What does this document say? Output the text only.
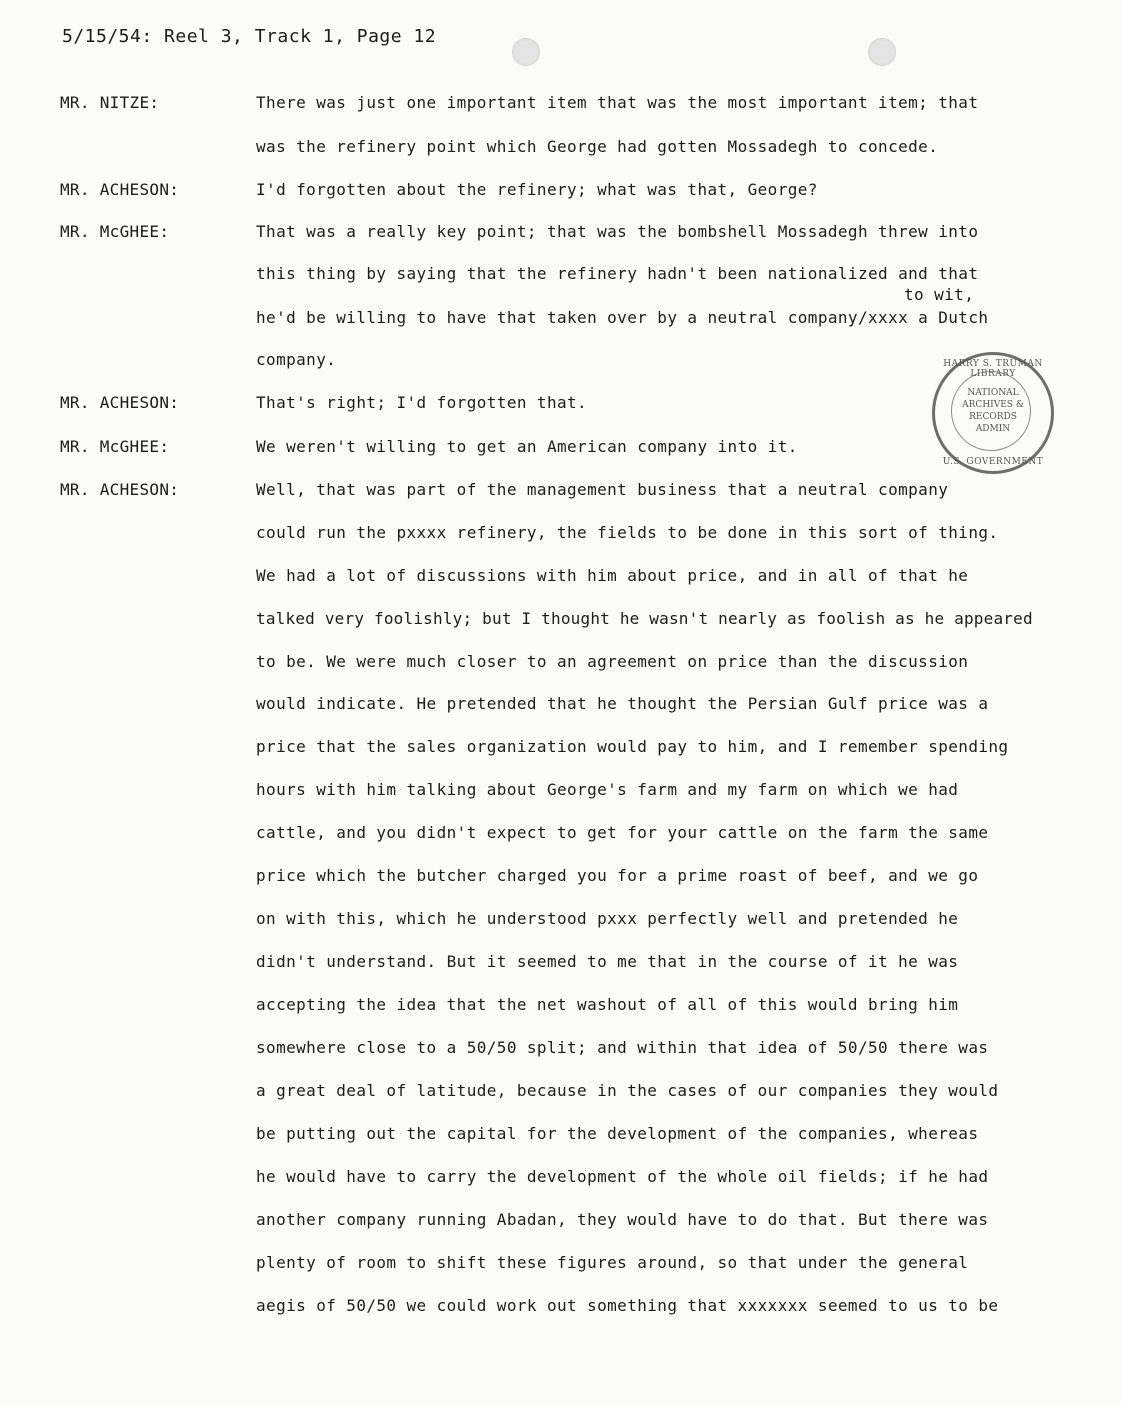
5/15/54: Reel 3, Track 1, Page 12
MR. NITZE:	There was just one important item that was the most important item; that
was the refinery point which George had gotten Mossadegh to concede.
MR. ACHESON:	I'd forgotten about the refinery; what was that, George?
MR. McGHEE:	That was a really key point; that was the bombshell Mossadegh threw into
this thing by saying that the refinery hadn't been nationalized and that
to wit,
he'd be willing to have that taken over by a neutral company/xxxx a Dutch
company.
MR. ACHESON:	That's right; I'd forgotten that.
MR. McGHEE:	We weren't willing to get an American company into it.
MR. ACHESON:	Well, that was part of the management business that a neutral company
could run the pxxxx refinery, the fields to be done in this sort of thing.
We had a lot of discussions with him about price, and in all of that he
talked very foolishly; but I thought he wasn't nearly as foolish as he appeared
to be. We were much closer to an agreement on price than the discussion
would indicate. He pretended that he thought the Persian Gulf price was a
price that the sales organization would pay to him, and I remember spending
hours with him talking about George's farm and my farm on which we had
cattle, and you didn't expect to get for your cattle on the farm the same
price which the butcher charged you for a prime roast of beef, and we go
on with this, which he understood pxxx perfectly well and pretended he
didn't understand. But it seemed to me that in the course of it he was
accepting the idea that the net washout of all of this would bring him
somewhere close to a 50/50 split; and within that idea of 50/50 there was
a great deal of latitude, because in the cases of our companies they would
be putting out the capital for the development of the companies, whereas
he would have to carry the development of the whole oil fields; if he had
another company running Abadan, they would have to do that. But there was
plenty of room to shift these figures around, so that under the general
aegis of 50/50 we could work out something that xxxxxxx seemed to us to be
HARRY S. TRUMAN LIBRARY
NATIONAL
ARCHIVES &
RECORDS
ADMIN
U.S. GOVERNMENT
